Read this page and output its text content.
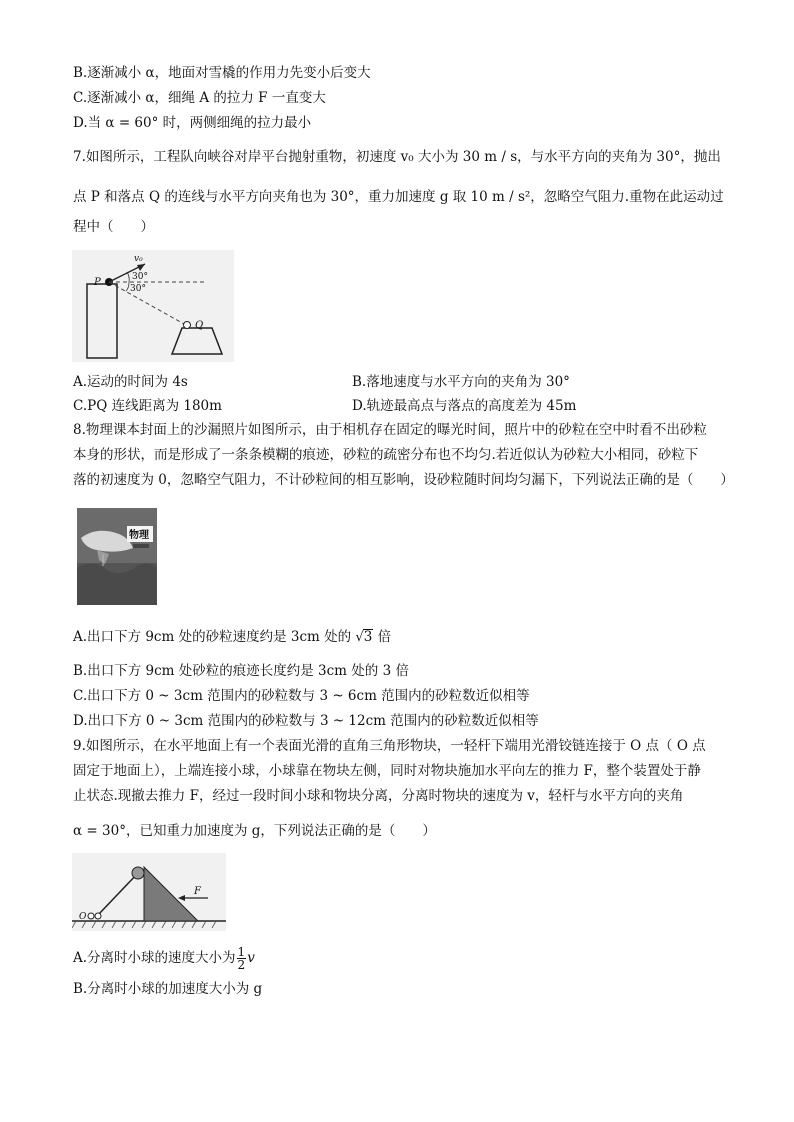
B.逐渐减小 α，地面对雪橇的作用力先变小后变大
C.逐渐减小 α，细绳 A 的拉力 F 一直变大
D.当 α = 60° 时，两侧细绳的拉力最小
7.如图所示，工程队向峡谷对岸平台抛射重物，初速度 v₀ 大小为 30 m / s，与水平方向的夹角为 30°，抛出
点 P 和落点 Q 的连线与水平方向夹角也为 30°，重力加速度 g 取 10 m / s²，忽略空气阻力.重物在此运动过
程中（　　）
P
Q
v₀
30°
30°
A.运动的时间为 4s	B.落地速度与水平方向的夹角为 30°
C.PQ 连线距离为 180m	D.轨迹最高点与落点的高度差为 45m
8.物理课本封面上的沙漏照片如图所示，由于相机存在固定的曝光时间，照片中的砂粒在空中时看不出砂粒
本身的形状，而是形成了一条条模糊的痕迹，砂粒的疏密分布也不均匀.若近似认为砂粒大小相同，砂粒下
落的初速度为 0，忽略空气阻力，不计砂粒间的相互影响，设砂粒随时间均匀漏下，下列说法正确的是（　　）
物理
A.出口下方 9cm 处的砂粒速度约是 3cm 处的 √3 倍
B.出口下方 9cm 处砂粒的痕迹长度约是 3cm 处的 3 倍
C.出口下方 0 ~ 3cm 范围内的砂粒数与 3 ~ 6cm 范围内的砂粒数近似相等
D.出口下方 0 ~ 3cm 范围内的砂粒数与 3 ~ 12cm 范围内的砂粒数近似相等
9.如图所示，在水平地面上有一个表面光滑的直角三角形物块，一轻杆下端用光滑铰链连接于 O 点（ O 点
固定于地面上），上端连接小球，小球靠在物块左侧，同时对物块施加水平向左的推力 F，整个装置处于静
止状态.现撤去推力 F，经过一段时间小球和物块分离，分离时物块的速度为 v，轻杆与水平方向的夹角
α = 30°，已知重力加速度为 g，下列说法正确的是（　　）
F
O
A.分离时小球的速度大小为 $\frac{1}{2}$ v
B.分离时小球的加速度大小为 g
